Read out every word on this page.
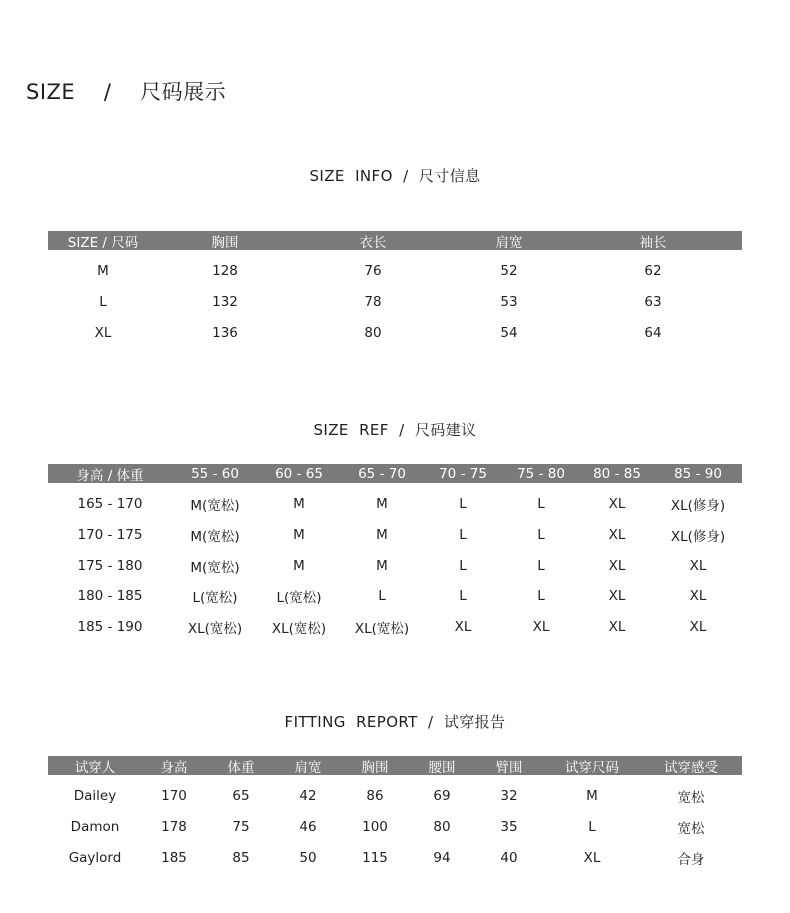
SIZE    /    尺码展示
SIZE  INFO  /  尺寸信息
SIZE / 尺码	胸围	衣长	肩宽	袖长
M	128	76	52	62
L	132	78	53	63
XL	136	80	54	64
SIZE  REF  /  尺码建议
身高 / 体重	55 - 60	60 - 65	65 - 70	70 - 75	75 - 80	80 - 85	85 - 90
165 - 170	M(宽松)	M	M	L	L	XL	XL(修身)
170 - 175	M(宽松)	M	M	L	L	XL	XL(修身)
175 - 180	M(宽松)	M	M	L	L	XL	XL
180 - 185	L(宽松)	L(宽松)	L	L	L	XL	XL
185 - 190	XL(宽松)	XL(宽松)	XL(宽松)	XL	XL	XL	XL
FITTING  REPORT  /  试穿报告
试穿人	身高	体重	肩宽	胸围	腰围	臂围	试穿尺码	试穿感受
Dailey	170	65	42	86	69	32	M	宽松
Damon	178	75	46	100	80	35	L	宽松
Gaylord	185	85	50	115	94	40	XL	合身
